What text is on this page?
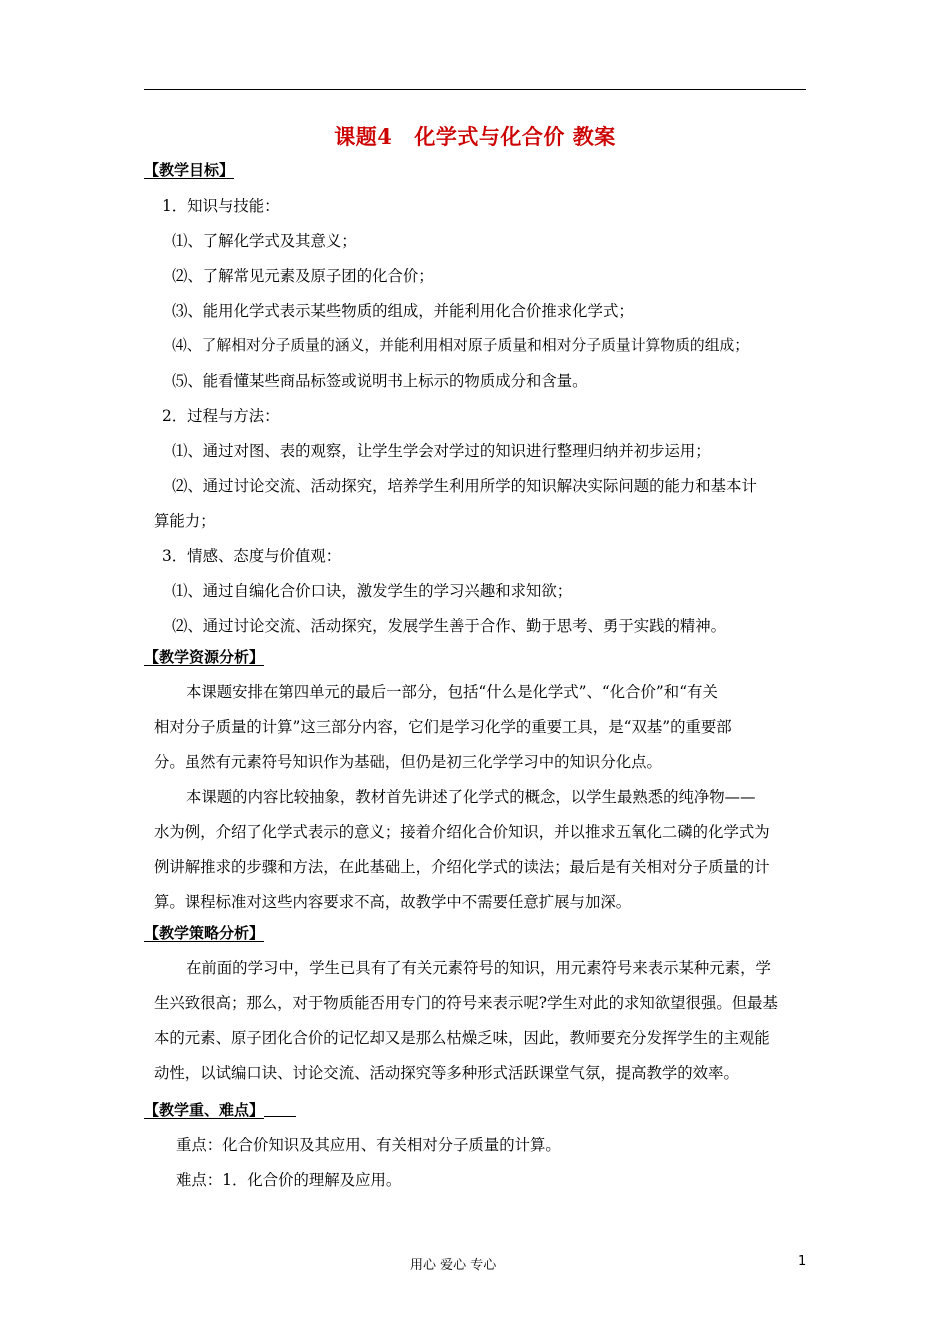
课题4 化学式与化合价 教案
【教学目标】
1．知识与技能：
⑴、了解化学式及其意义；
⑵、了解常见元素及原子团的化合价；
⑶、能用化学式表示某些物质的组成，并能利用化合价推求化学式；
⑷、了解相对分子质量的涵义，并能利用相对原子质量和相对分子质量计算物质的组成；
⑸、能看懂某些商品标签或说明书上标示的物质成分和含量。
2．过程与方法：
⑴、通过对图、表的观察，让学生学会对学过的知识进行整理归纳并初步运用；
⑵、通过讨论交流、活动探究，培养学生利用所学的知识解决实际问题的能力和基本计
算能力；
3．情感、态度与价值观：
⑴、通过自编化合价口诀，激发学生的学习兴趣和求知欲；
⑵、通过讨论交流、活动探究，发展学生善于合作、勤于思考、勇于实践的精神。
【教学资源分析】
本课题安排在第四单元的最后一部分，包括“什么是化学式”、“化合价”和“有关
相对分子质量的计算”这三部分内容，它们是学习化学的重要工具，是“双基”的重要部
分。虽然有元素符号知识作为基础，但仍是初三化学学习中的知识分化点。
本课题的内容比较抽象，教材首先讲述了化学式的概念，以学生最熟悉的纯净物——
水为例，介绍了化学式表示的意义；接着介绍化合价知识，并以推求五氧化二磷的化学式为
例讲解推求的步骤和方法，在此基础上，介绍化学式的读法；最后是有关相对分子质量的计
算。课程标准对这些内容要求不高，故教学中不需要任意扩展与加深。
【教学策略分析】
在前面的学习中，学生已具有了有关元素符号的知识，用元素符号来表示某种元素，学
生兴致很高；那么，对于物质能否用专门的符号来表示呢?学生对此的求知欲望很强。但最基
本的元素、原子团化合价的记忆却又是那么枯燥乏味，因此，教师要充分发挥学生的主观能
动性，以试编口诀、讨论交流、活动探究等多种形式活跃课堂气氛，提高教学的效率。
【教学重、难点】
重点：化合价知识及其应用、有关相对分子质量的计算。
难点：1．化合价的理解及应用。
用心 爱心 专心	1
